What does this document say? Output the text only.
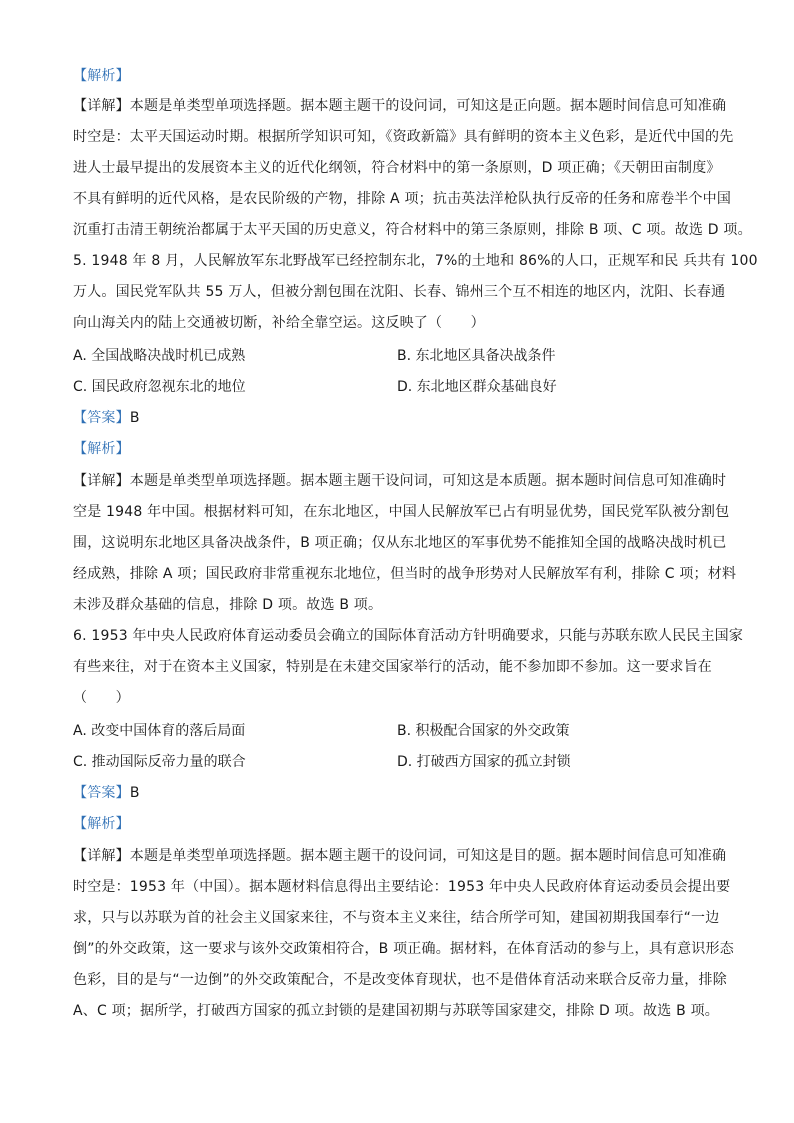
【解析】
【详解】本题是单类型单项选择题。据本题主题干的设问词，可知这是正向题。据本题时间信息可知准确
时空是：太平天国运动时期。根据所学知识可知，《资政新篇》具有鲜明的资本主义色彩，是近代中国的先
进人士最早提出的发展资本主义的近代化纲领，符合材料中的第一条原则，D 项正确；《天朝田亩制度》
不具有鲜明的近代风格，是农民阶级的产物，排除 A 项；抗击英法洋枪队执行反帝的任务和席卷半个中国
沉重打击清王朝统治都属于太平天国的历史意义，符合材料中的第三条原则，排除 B 项、C 项。故选 D 项。
5. 1948 年 8 月，人民解放军东北野战军已经控制东北，7%的土地和 86%的人口，正规军和民 兵共有 100
万人。国民党军队共 55 万人，但被分割包围在沈阳、长春、锦州三个互不相连的地区内，沈阳、长春通
向山海关内的陆上交通被切断，补给全靠空运。这反映了（　　）
A. 全国战略决战时机已成熟	B. 东北地区具备决战条件
C. 国民政府忽视东北的地位	D. 东北地区群众基础良好
【答案】B
【解析】
【详解】本题是单类型单项选择题。据本题主题干设问词，可知这是本质题。据本题时间信息可知准确时
空是 1948 年中国。根据材料可知，在东北地区，中国人民解放军已占有明显优势，国民党军队被分割包
围，这说明东北地区具备决战条件，B 项正确；仅从东北地区的军事优势不能推知全国的战略决战时机已
经成熟，排除 A 项；国民政府非常重视东北地位，但当时的战争形势对人民解放军有利，排除 C 项；材料
未涉及群众基础的信息，排除 D 项。故选 B 项。
6. 1953 年中央人民政府体育运动委员会确立的国际体育活动方针明确要求，只能与苏联东欧人民民主国家
有些来往，对于在资本主义国家，特别是在未建交国家举行的活动，能不参加即不参加。这一要求旨在
（　　）
A. 改变中国体育的落后局面	B. 积极配合国家的外交政策
C. 推动国际反帝力量的联合	D. 打破西方国家的孤立封锁
【答案】B
【解析】
【详解】本题是单类型单项选择题。据本题主题干的设问词，可知这是目的题。据本题时间信息可知准确
时空是：1953 年（中国）。据本题材料信息得出主要结论：1953 年中央人民政府体育运动委员会提出要
求，只与以苏联为首的社会主义国家来往，不与资本主义来往，结合所学可知，建国初期我国奉行“一边
倒”的外交政策，这一要求与该外交政策相符合，B 项正确。据材料，在体育活动的参与上，具有意识形态
色彩，目的是与“一边倒”的外交政策配合，不是改变体育现状，也不是借体育活动来联合反帝力量，排除
A、C 项；据所学，打破西方国家的孤立封锁的是建国初期与苏联等国家建交，排除 D 项。故选 B 项。
